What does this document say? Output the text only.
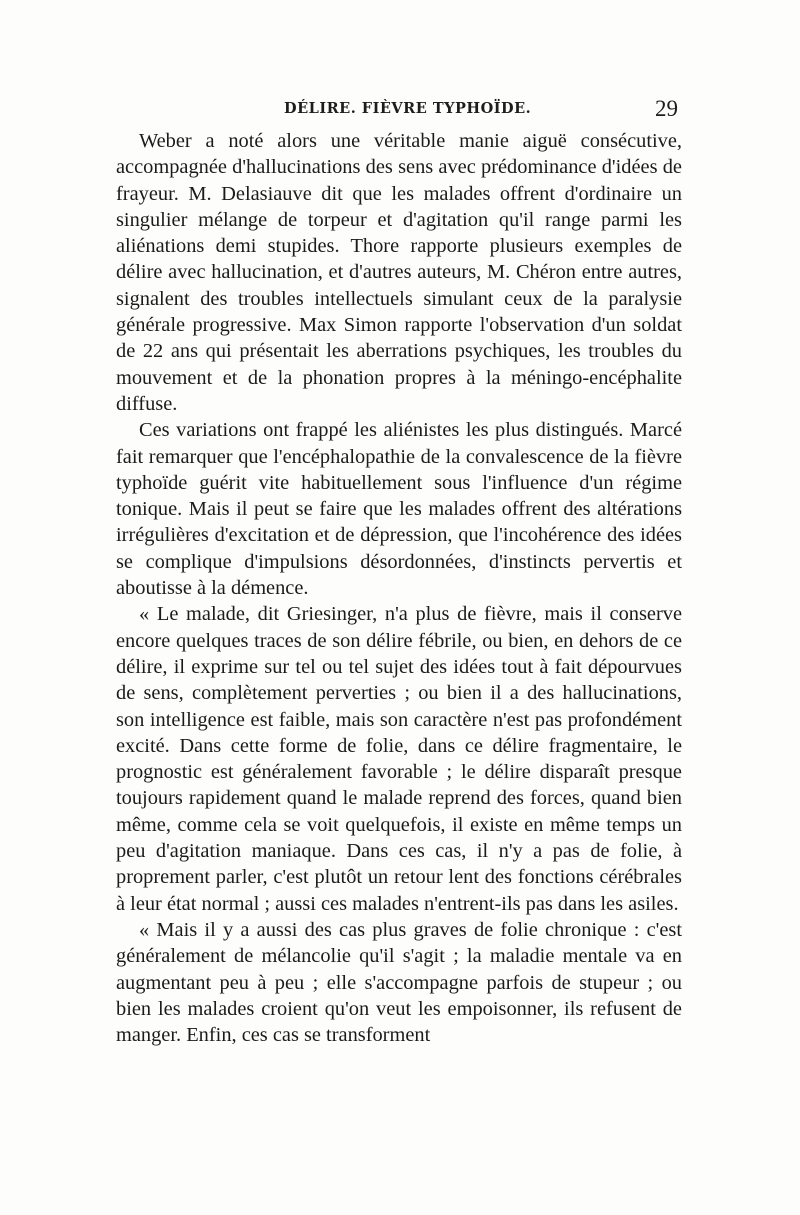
DÉLIRE. FIÈVRE TYPHOÏDE.	29

Weber a noté alors une véritable manie aiguë consécutive, accompagnée d'hallucinations des sens avec prédominance d'idées de frayeur. M. Delasiauve dit que les malades offrent d'ordinaire un singulier mélange de torpeur et d'agitation qu'il range parmi les aliénations demi stupides. Thore rapporte plusieurs exemples de délire avec hallucination, et d'autres auteurs, M. Chéron entre autres, signalent des troubles intellectuels simulant ceux de la paralysie générale progressive. Max Simon rapporte l'observation d'un soldat de 22 ans qui présentait les aberrations psychiques, les troubles du mouvement et de la phonation propres à la méningo-encéphalite diffuse.

Ces variations ont frappé les aliénistes les plus distingués. Marcé fait remarquer que l'encéphalopathie de la convalescence de la fièvre typhoïde guérit vite habituellement sous l'influence d'un régime tonique. Mais il peut se faire que les malades offrent des altérations irrégulières d'excitation et de dépression, que l'incohérence des idées se complique d'impulsions désordonnées, d'instincts pervertis et aboutisse à la démence.

« Le malade, dit Griesinger, n'a plus de fièvre, mais il conserve encore quelques traces de son délire fébrile, ou bien, en dehors de ce délire, il exprime sur tel ou tel sujet des idées tout à fait dépourvues de sens, complètement perverties ; ou bien il a des hallucinations, son intelligence est faible, mais son caractère n'est pas profondément excité. Dans cette forme de folie, dans ce délire fragmentaire, le prognostic est généralement favorable ; le délire disparaît presque toujours rapidement quand le malade reprend des forces, quand bien même, comme cela se voit quelquefois, il existe en même temps un peu d'agitation maniaque. Dans ces cas, il n'y a pas de folie, à proprement parler, c'est plutôt un retour lent des fonctions cérébrales à leur état normal ; aussi ces malades n'entrent-ils pas dans les asiles.

« Mais il y a aussi des cas plus graves de folie chronique : c'est généralement de mélancolie qu'il s'agit ; la maladie mentale va en augmentant peu à peu ; elle s'accompagne parfois de stupeur ; ou bien les malades croient qu'on veut les empoisonner, ils refusent de manger. Enfin, ces cas se transforment
